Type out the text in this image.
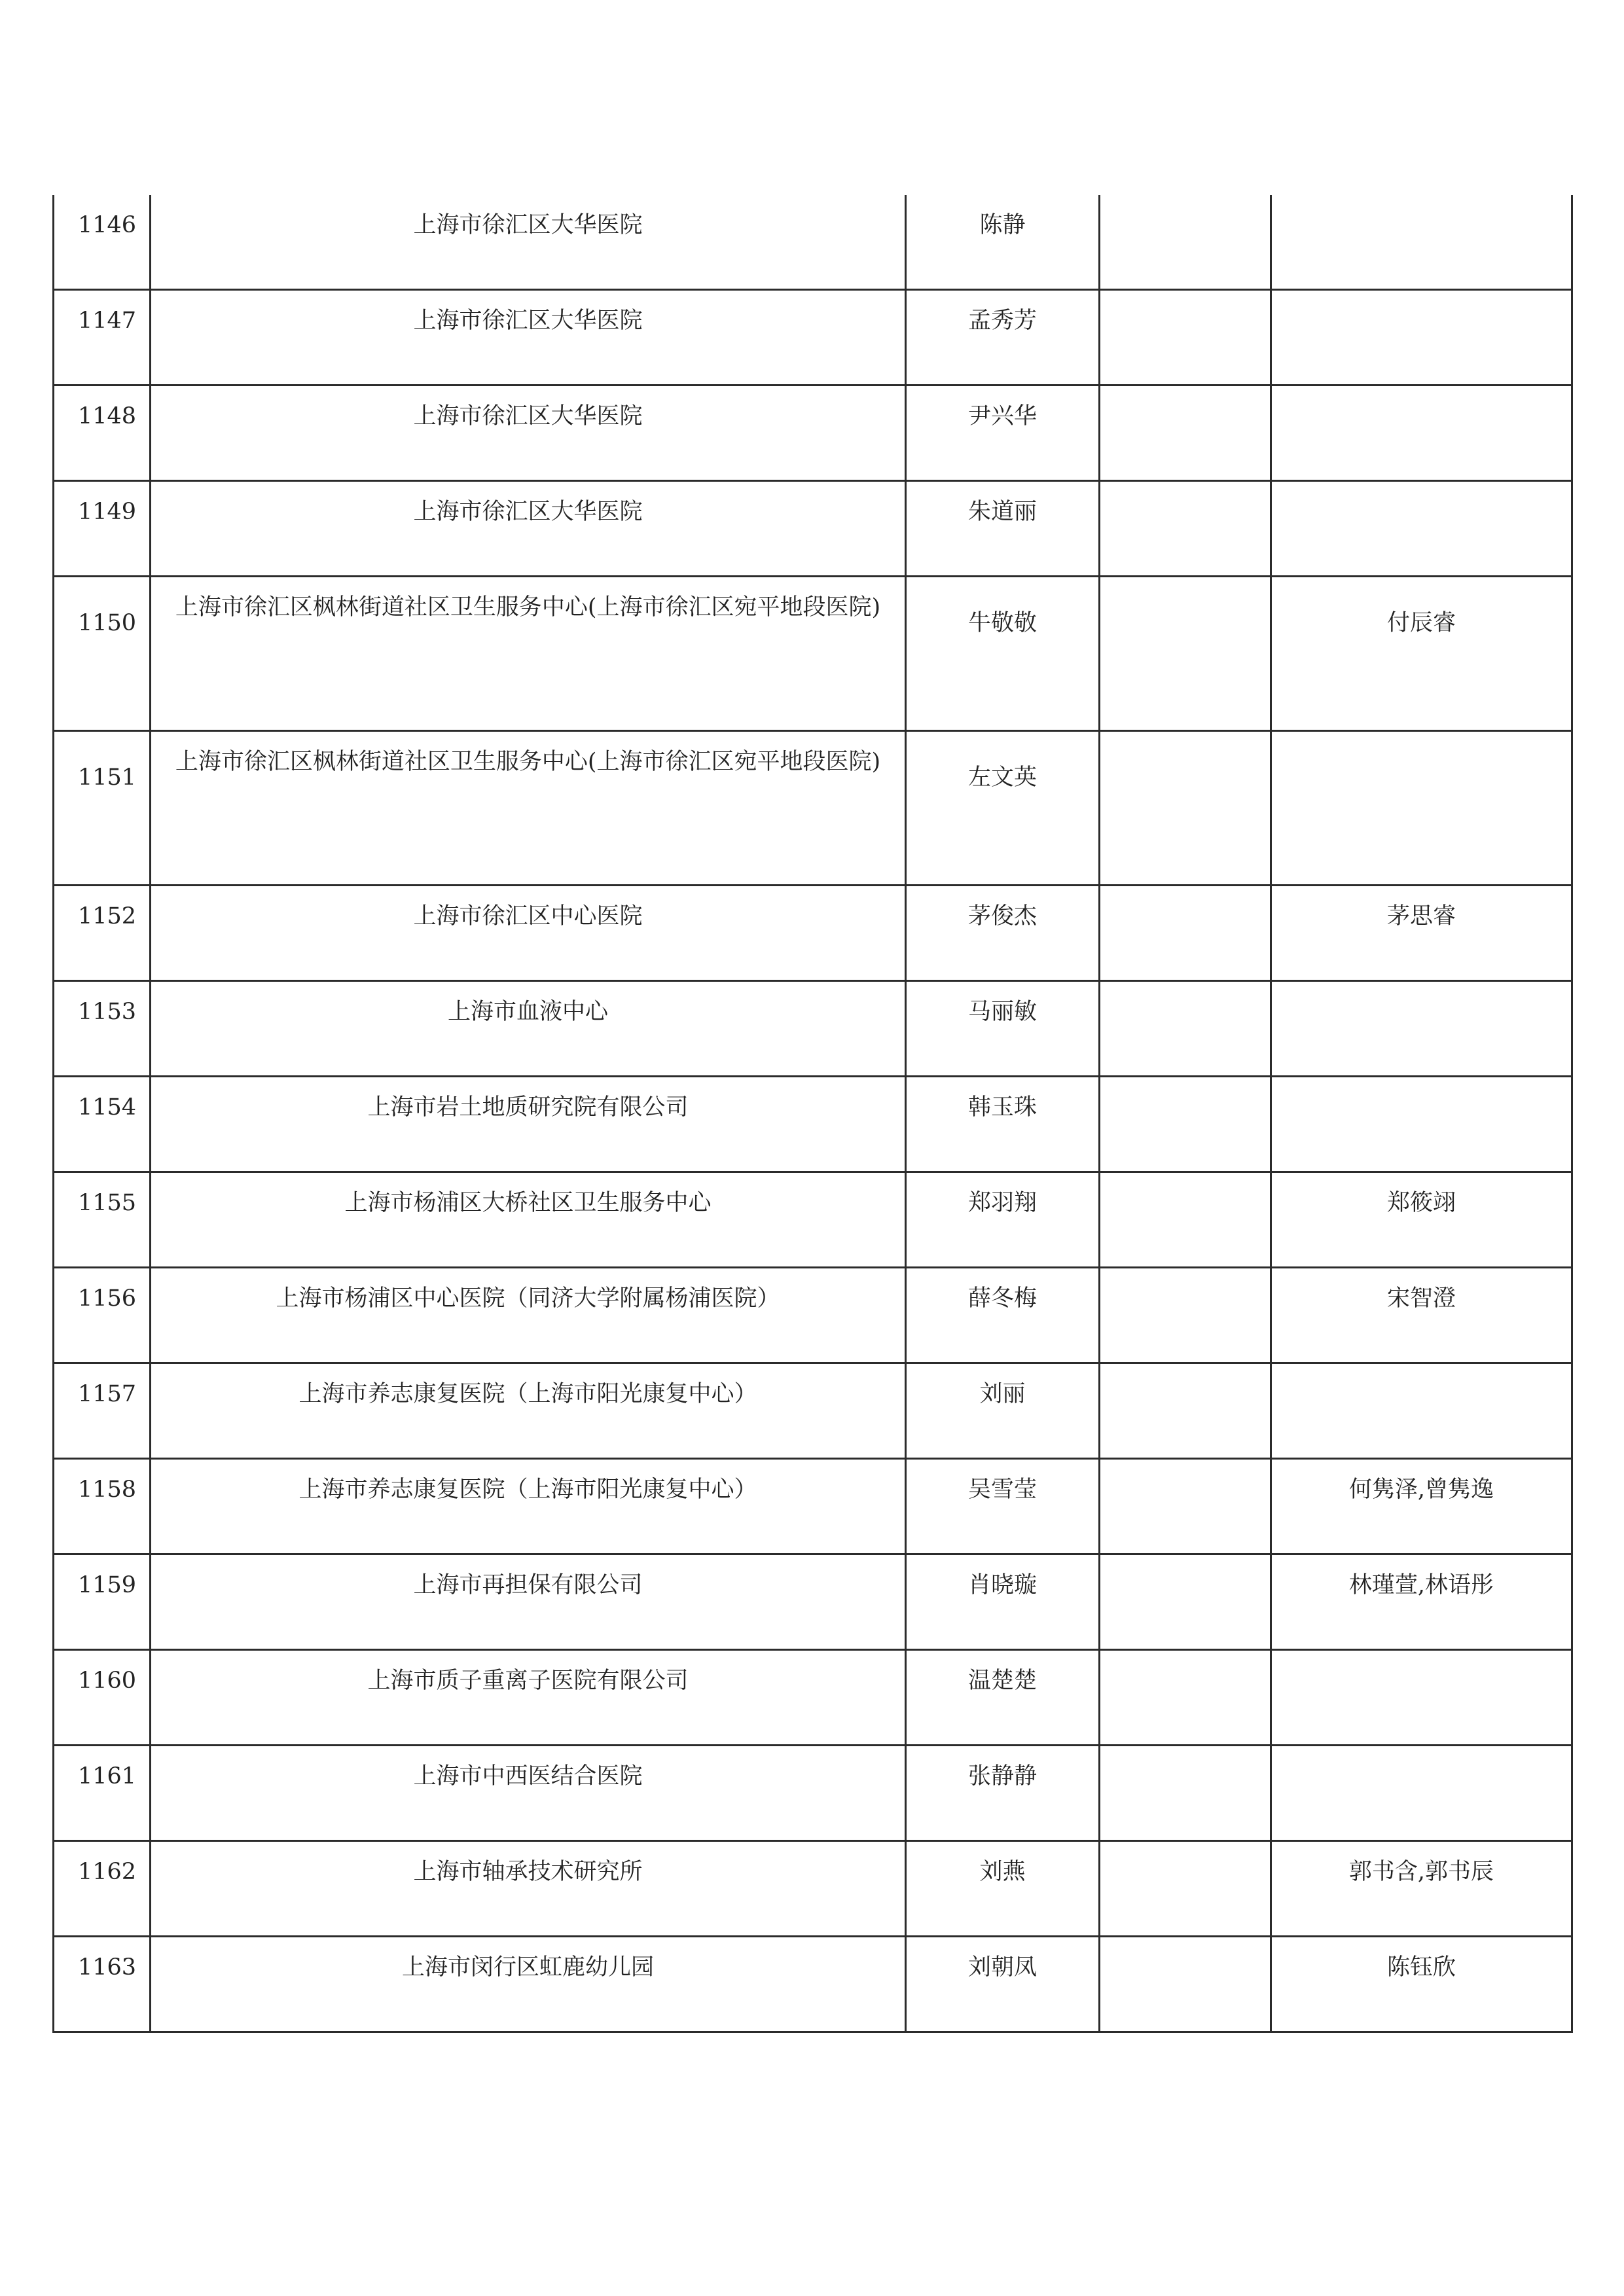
1146	上海市徐汇区大华医院	陈静		
1147	上海市徐汇区大华医院	孟秀芳		
1148	上海市徐汇区大华医院	尹兴华		
1149	上海市徐汇区大华医院	朱道丽		
1150	上海市徐汇区枫林街道社区卫生服务中心(上海市徐汇区宛平地段医院)	牛敬敬		付辰睿
1151	上海市徐汇区枫林街道社区卫生服务中心(上海市徐汇区宛平地段医院)	左文英		
1152	上海市徐汇区中心医院	茅俊杰		茅思睿
1153	上海市血液中心	马丽敏		
1154	上海市岩土地质研究院有限公司	韩玉珠		
1155	上海市杨浦区大桥社区卫生服务中心	郑羽翔		郑筱翊
1156	上海市杨浦区中心医院（同济大学附属杨浦医院）	薛冬梅		宋智澄
1157	上海市养志康复医院（上海市阳光康复中心）	刘丽		
1158	上海市养志康复医院（上海市阳光康复中心）	吴雪莹		何隽泽,曾隽逸
1159	上海市再担保有限公司	肖晓璇		林瑾萱,林语彤
1160	上海市质子重离子医院有限公司	温楚楚		
1161	上海市中西医结合医院	张静静		
1162	上海市轴承技术研究所	刘燕		郭书含,郭书辰
1163	上海市闵行区虹鹿幼儿园	刘朝凤		陈钰欣
